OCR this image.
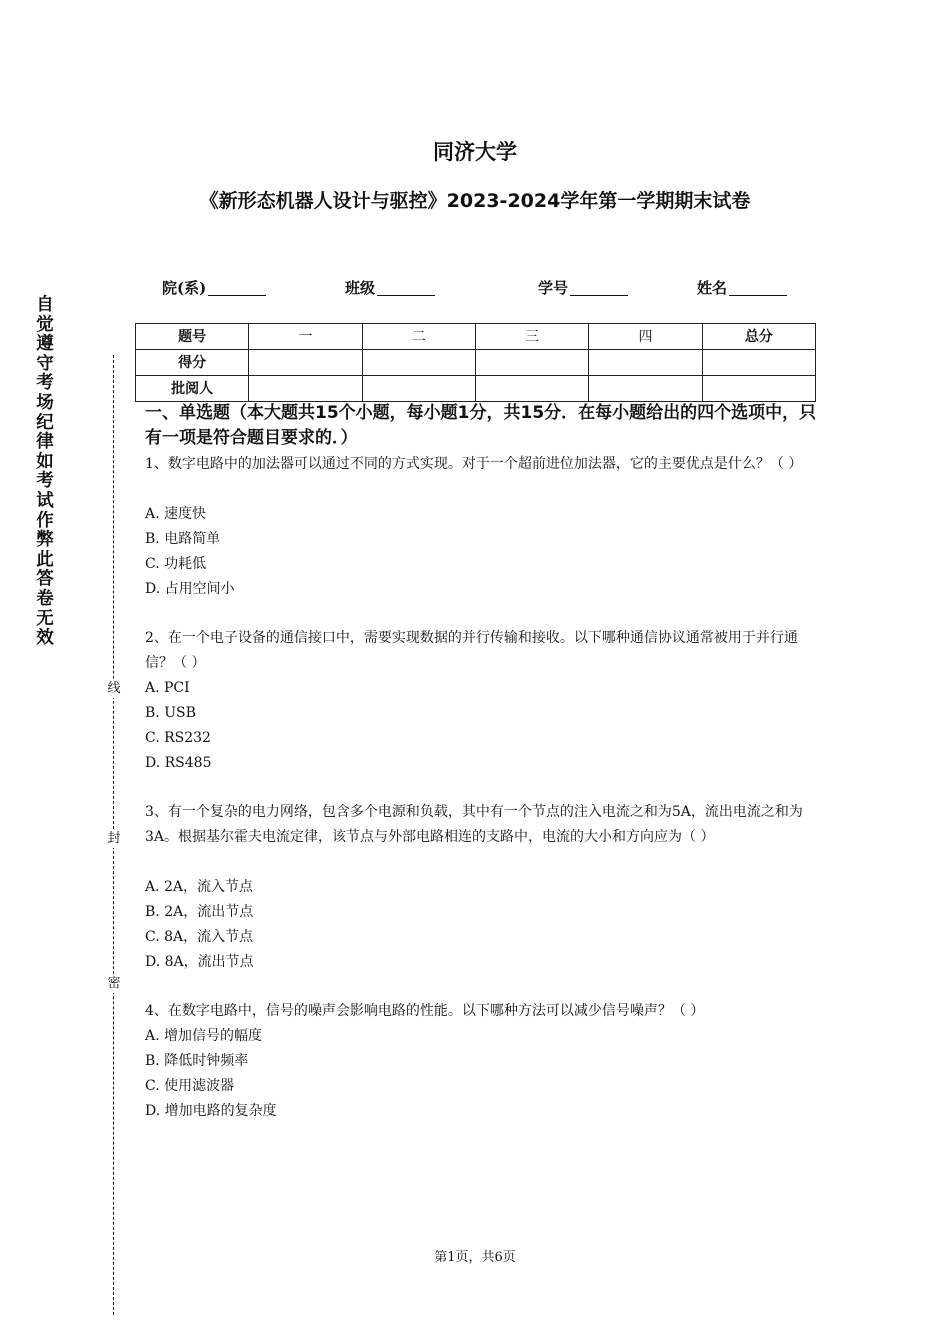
同济大学
《新形态机器人设计与驱控》2023-2024学年第一学期期末试卷
院(系)	班级	学号	姓名
题号	一	二	三	四	总分
得分					
批阅人					
一、单选题（本大题共15个小题，每小题1分，共15分．在每小题给出的四个选项中，只有一项是符合题目要求的．）
1、数字电路中的加法器可以通过不同的方式实现。对于一个超前进位加法器，它的主要优点是什么？（ ）
A. 速度快
B. 电路简单
C. 功耗低
D. 占用空间小
2、在一个电子设备的通信接口中，需要实现数据的并行传输和接收。以下哪种通信协议通常被用于并行通信？（ ）
A. PCI
B. USB
C. RS232
D. RS485
3、有一个复杂的电力网络，包含多个电源和负载，其中有一个节点的注入电流之和为5A，流出电流之和为 3A。根据基尔霍夫电流定律，该节点与外部电路相连的支路中，电流的大小和方向应为（ ）
A. 2A，流入节点
B. 2A，流出节点
C. 8A，流入节点
D. 8A，流出节点
4、在数字电路中，信号的噪声会影响电路的性能。以下哪种方法可以减少信号噪声？（ ）
A. 增加信号的幅度
B. 降低时钟频率
C. 使用滤波器
D. 增加电路的复杂度
自觉遵守考场纪律如考试作弊此答卷无效
线
封
密
第1页，共6页
